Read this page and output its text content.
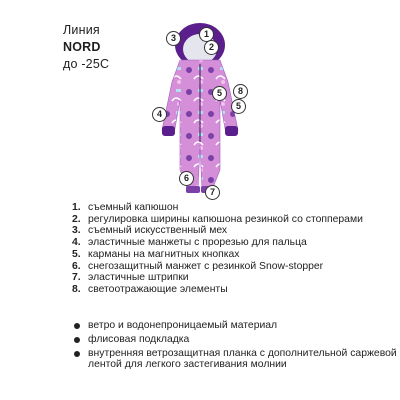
Линия
NORD
до -25С
3	1
2
5	8
5
4
6
7
1. съемный капюшон
2. регулировка ширины капюшона резинкой со стопперами
3. съемный искусственный мех
4. эластичные манжеты с прорезью для пальца
5. карманы на магнитных кнопках
6. снегозащитный манжет с резинкой Snow-stopper
7. эластичные штрипки
8. светоотражающие элементы
ветро и водонепроницаемый материал
флисовая подкладка
внутренняя ветрозащитная планка с дополнительной саржевой лентой для легкого застегивания молнии
